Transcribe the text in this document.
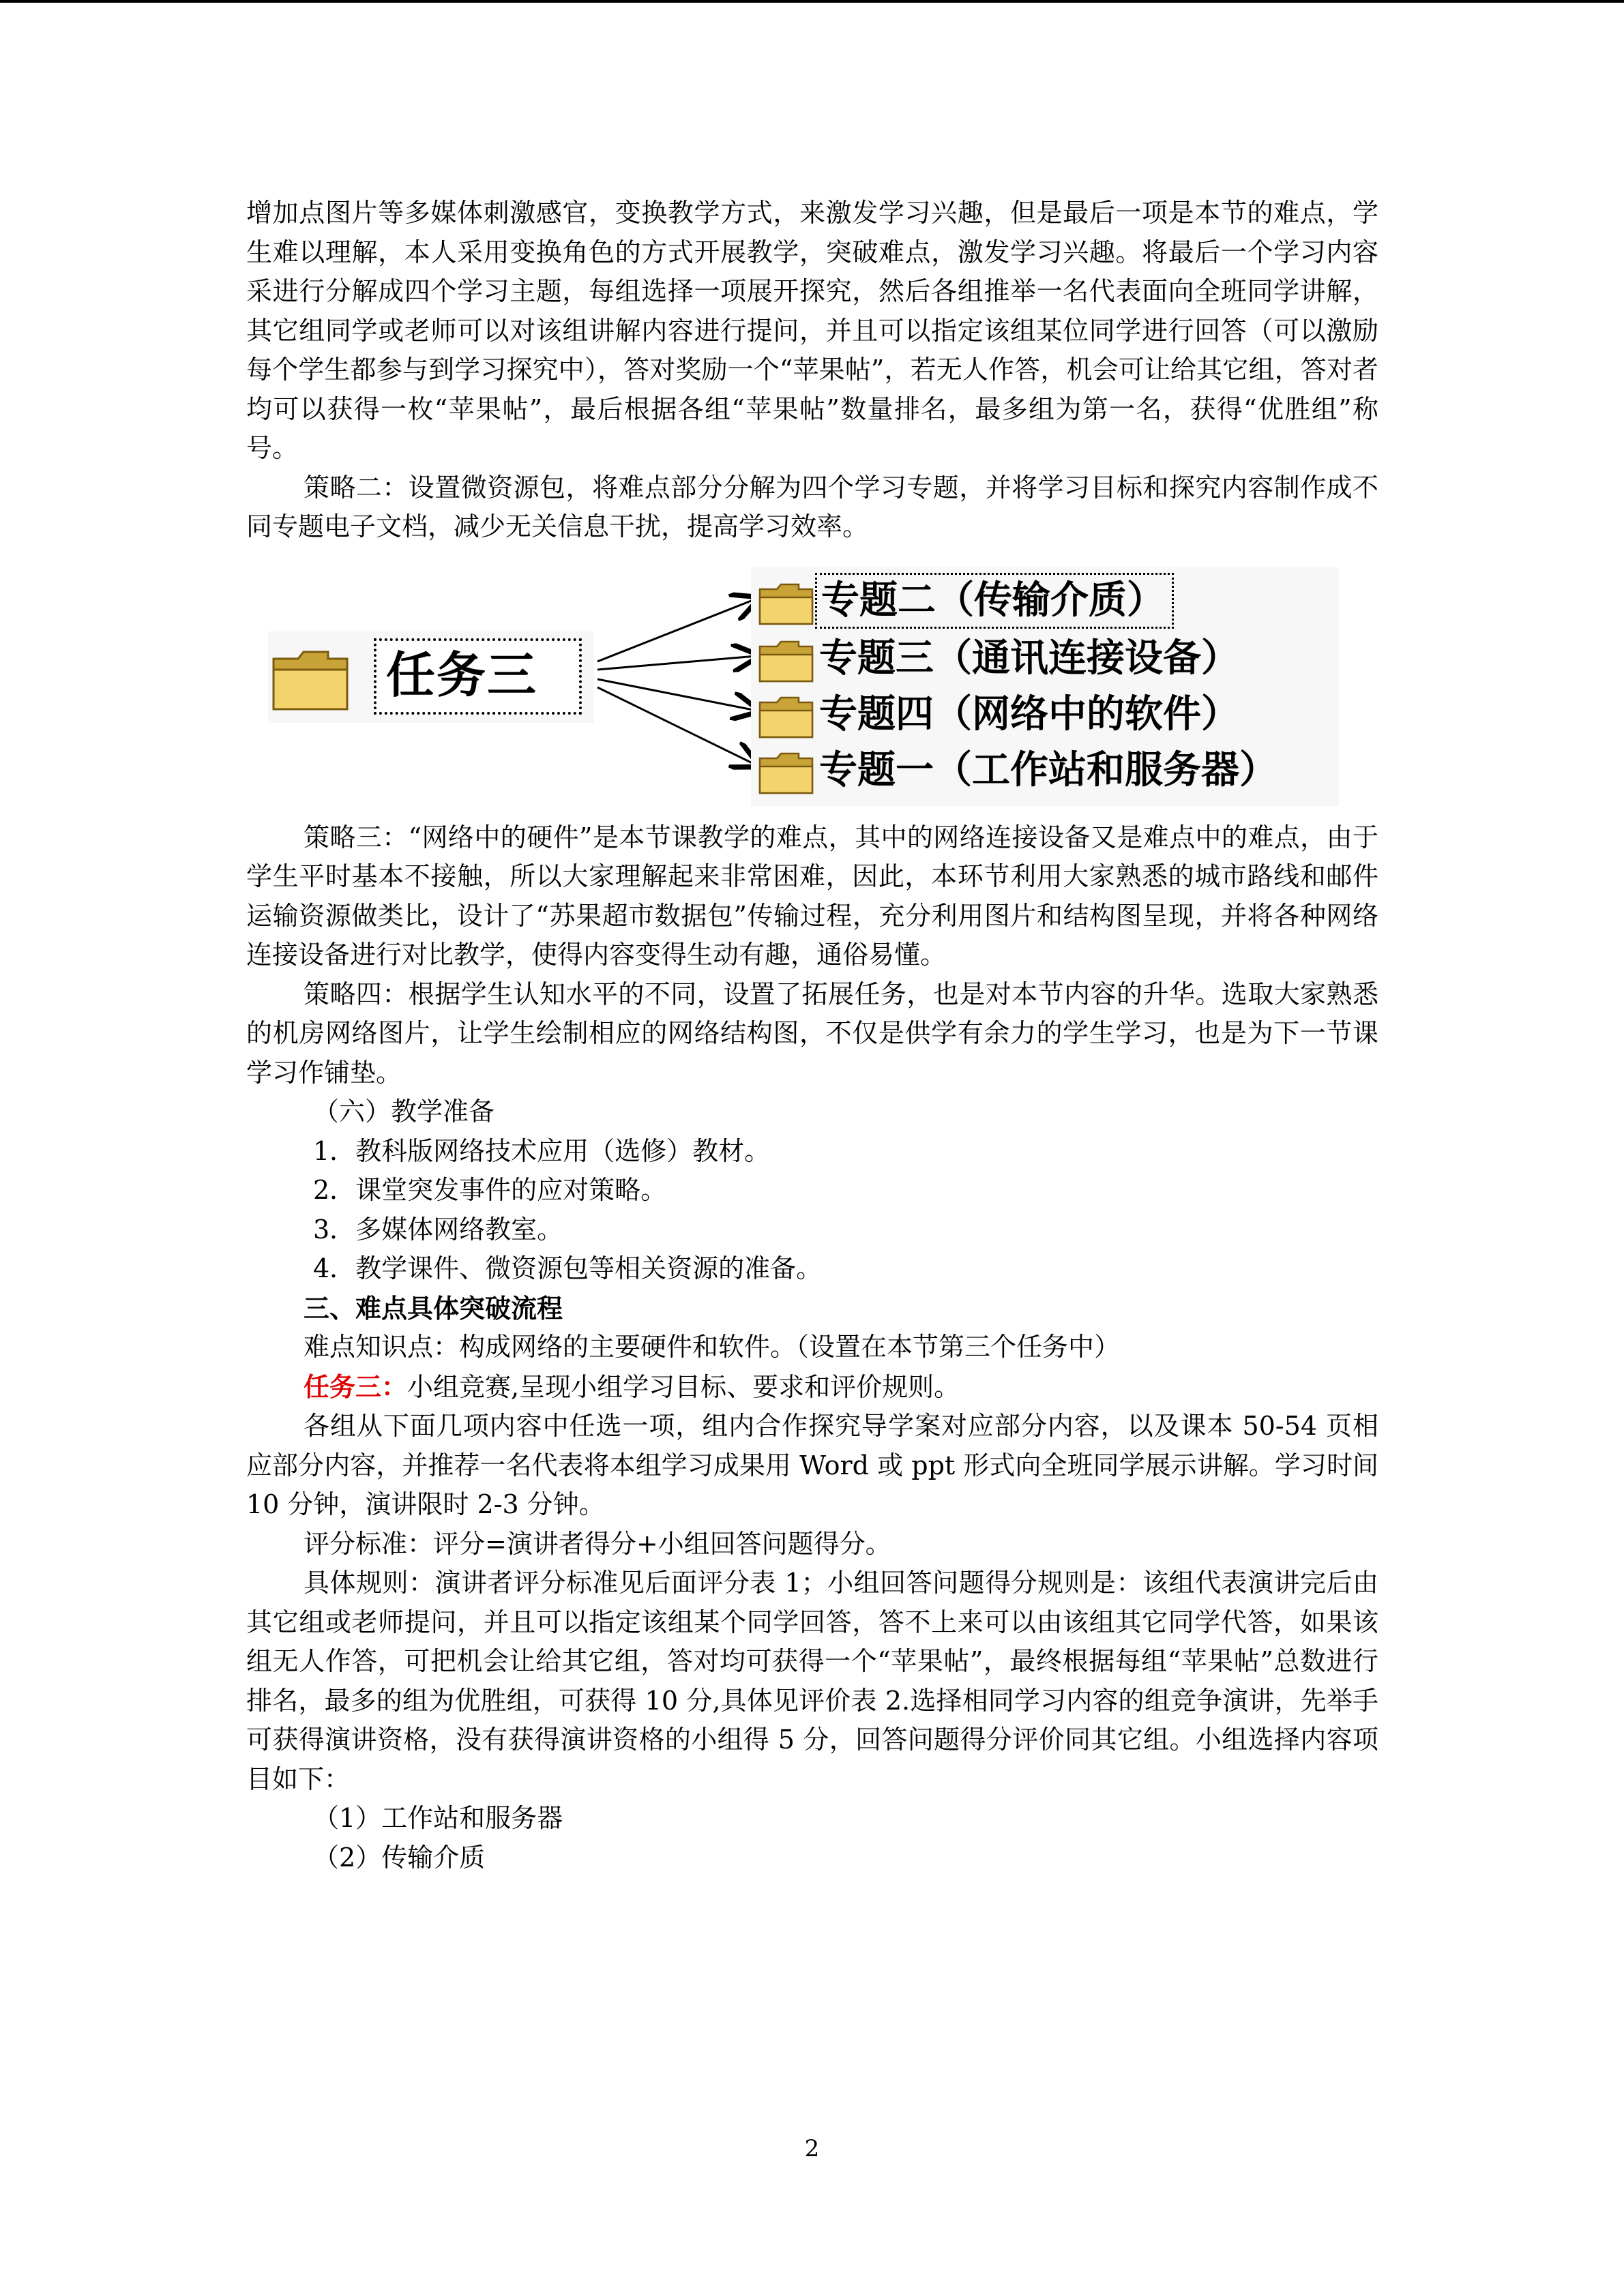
增加点图片等多媒体刺激感官，变换教学方式，来激发学习兴趣，但是最后一项是本节的难点，学生难以理解，本人采用变换角色的方式开展教学，突破难点，激发学习兴趣。将最后一个学习内容采进行分解成四个学习主题，每组选择一项展开探究，然后各组推举一名代表面向全班同学讲解，其它组同学或老师可以对该组讲解内容进行提问，并且可以指定该组某位同学进行回答（可以激励每个学生都参与到学习探究中），答对奖励一个“苹果帖”，若无人作答，机会可让给其它组，答对者均可以获得一枚“苹果帖”，最后根据各组“苹果帖”数量排名，最多组为第一名，获得“优胜组”称号。

策略二：设置微资源包，将难点部分分解为四个学习专题，并将学习目标和探究内容制作成不同专题电子文档，减少无关信息干扰，提高学习效率。

任务三
专题二（传输介质）
专题三（通讯连接设备）
专题四（网络中的软件）
专题一（工作站和服务器）

策略三：“网络中的硬件”是本节课教学的难点，其中的网络连接设备又是难点中的难点，由于学生平时基本不接触，所以大家理解起来非常困难，因此，本环节利用大家熟悉的城市路线和邮件运输资源做类比，设计了“苏果超市数据包”传输过程，充分利用图片和结构图呈现，并将各种网络连接设备进行对比教学，使得内容变得生动有趣，通俗易懂。

策略四：根据学生认知水平的不同，设置了拓展任务，也是对本节内容的升华。选取大家熟悉的机房网络图片，让学生绘制相应的网络结构图，不仅是供学有余力的学生学习，也是为下一节课学习作铺垫。

（六）教学准备

1．教科版网络技术应用（选修）教材。

2．课堂突发事件的应对策略。

3．多媒体网络教室。

4．教学课件、微资源包等相关资源的准备。

三、难点具体突破流程

难点知识点：构成网络的主要硬件和软件。（设置在本节第三个任务中）

任务三：小组竞赛,呈现小组学习目标、要求和评价规则。

各组从下面几项内容中任选一项，组内合作探究导学案对应部分内容，以及课本 50-54 页相应部分内容，并推荐一名代表将本组学习成果用 Word 或 ppt 形式向全班同学展示讲解。学习时间 10 分钟，演讲限时 2-3 分钟。

评分标准：评分=演讲者得分+小组回答问题得分。

具体规则：演讲者评分标准见后面评分表 1；小组回答问题得分规则是：该组代表演讲完后由其它组或老师提问，并且可以指定该组某个同学回答，答不上来可以由该组其它同学代答，如果该组无人作答，可把机会让给其它组，答对均可获得一个“苹果帖”，最终根据每组“苹果帖”总数进行排名，最多的组为优胜组，可获得 10 分,具体见评价表 2.选择相同学习内容的组竞争演讲，先举手可获得演讲资格，没有获得演讲资格的小组得 5 分，回答问题得分评价同其它组。小组选择内容项目如下：

（1）工作站和服务器

（2）传输介质

2
